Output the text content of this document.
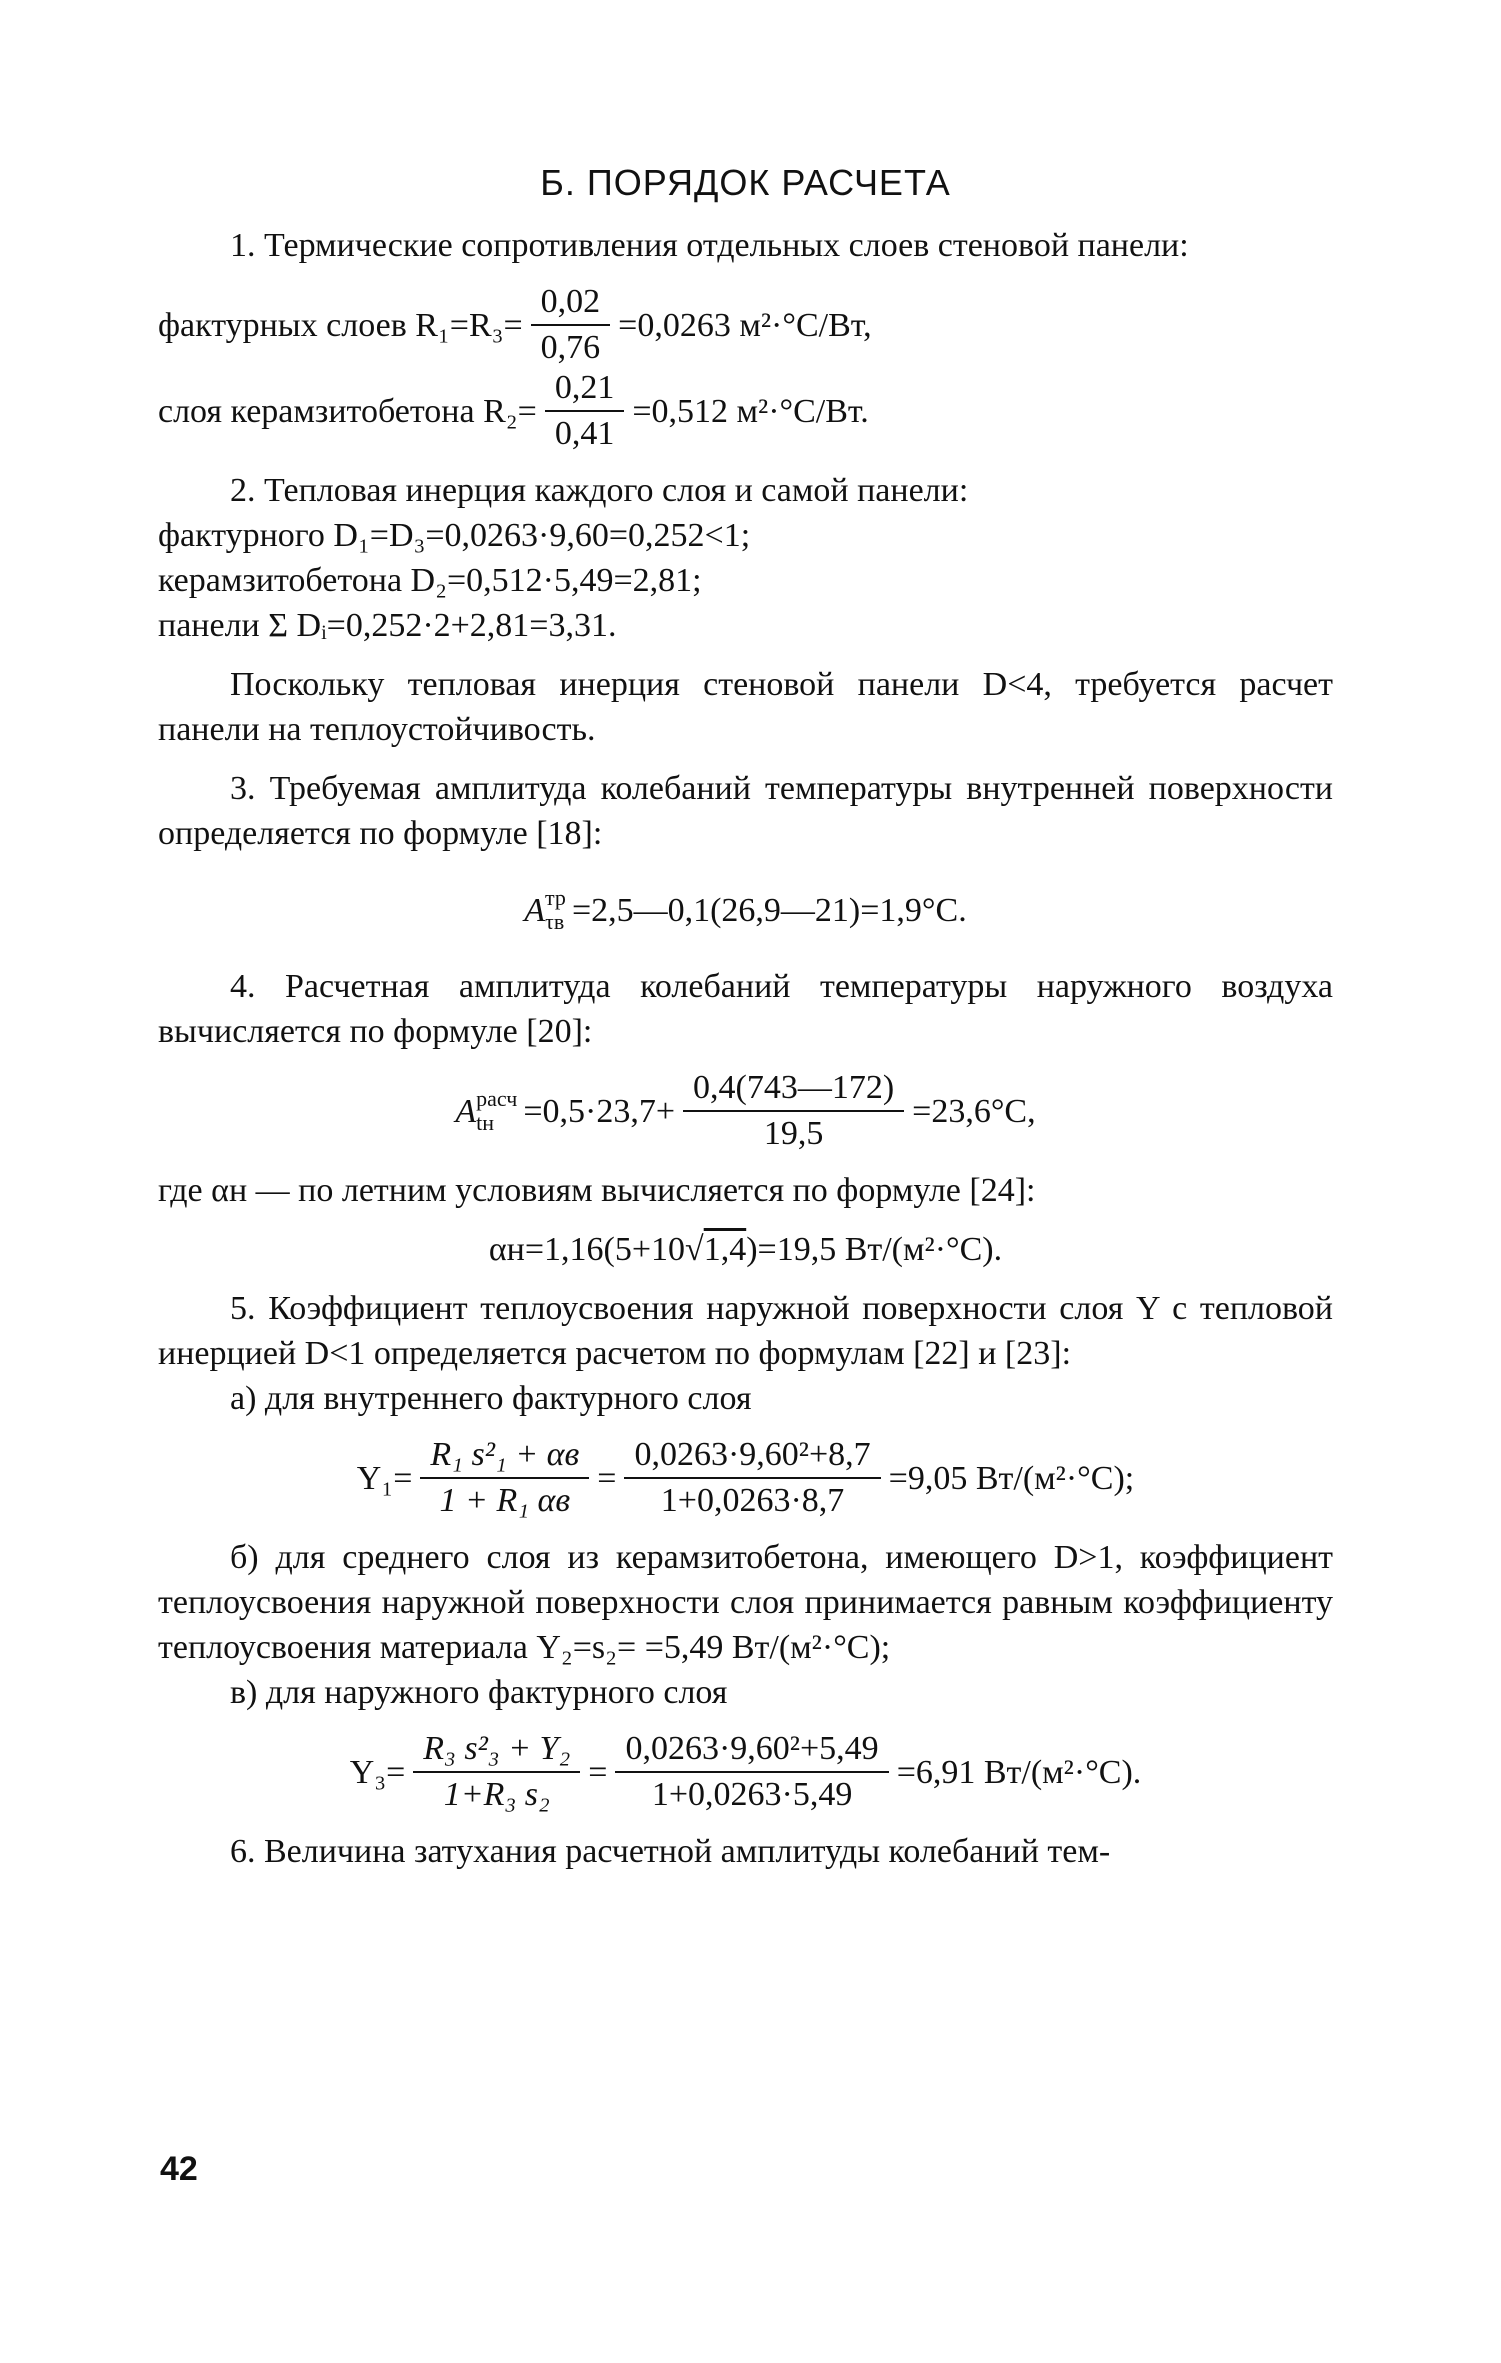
Б. ПОРЯДОК РАСЧЕТА

1. Термические сопротивления отдельных слоев стеновой панели:

фактурных слоев $R_1=R_3= \frac{0,02}{0,76} =0,0263$ м²·°С/Вт,
слоя керамзитобетона $R_2= \frac{0,21}{0,41} =0,512$ м²·°С/Вт.

2. Тепловая инерция каждого слоя и самой панели:

фактурного D₁=D₃=0,0263·9,60=0,252<1;
керамзитобетона D₂=0,512·5,49=2,81;
панели Σ Dᵢ=0,252·2+2,81=3,31.

Поскольку тепловая инерция стеновой панели D<4, требуется расчет панели на теплоустойчивость.

3. Требуемая амплитуда колебаний температуры внутренней поверхности определяется по формуле [18]:

A тр
τв =2,5—0,1(26,9—21)=1,9°С.

4. Расчетная амплитуда колебаний температуры наружного воздуха вычисляется по формуле [20]:

A расч
tн $=0,5\cdot 23,7+ \frac{0,4(743—172)}{19,5} =23,6^\circ С$,

где αн — по летним условиям вычисляется по формуле [24]:

αн=1,16(5+10 √ 1,4 )=19,5 Вт/(м²·°С).

5. Коэффициент теплоусвоения наружной поверхности слоя Y с тепловой инерцией D<1 определяется расчетом по формулам [22] и [23]:

а) для внутреннего фактурного слоя

$Y_1= \frac{\text{R₁ s²₁ + αв}}{\text{1 + R₁ αв}} = \frac{\text{0,0263·9,60²+8,7}}{1+0,0263\cdot 8,7} =9,05$ Вт/(м²·°С);

б) для среднего слоя из керамзитобетона, имеющего D>1, коэффициент теплоусвоения наружной поверхности слоя принимается равным коэффициенту теплоусвоения материала Y₂=s₂= =5,49 Вт/(м²·°С);

в) для наружного фактурного слоя

$Y_3= \frac{\text{R₃ s²₃ + Y₂}}{\text{1+R₃ s₂}} = \frac{\text{0,0263·9,60²+5,49}}{1+0,0263\cdot 5,49} =6,91$ Вт/(м²·°С).

6. Величина затухания расчетной амплитуды колебаний тем-

42
